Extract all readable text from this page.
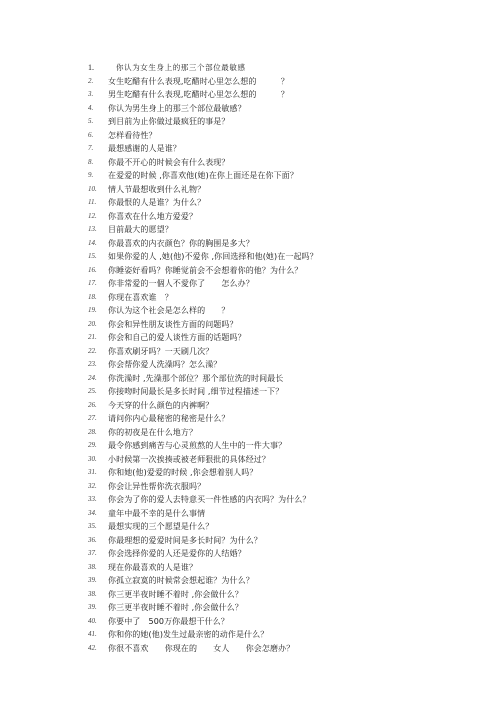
1.	你认为女生身上的那三个部位最敏感
2.	女生吃醋有什么表现,吃醋时心里怎么想的　　　？
3.	男生吃醋有什么表现,吃醋时心里怎么想的　　　？
4.	你认为男生身上的那三个部位最敏感？
5.	到目前为止你做过最疯狂的事是？
6.	怎样看待性？
7.	最想感谢的人是谁？
8.	你最不开心的时候会有什么表现？
9.	在爱爱的时候 ,你喜欢他(她)在你上面还是在你下面？
10.	情人节最想收到什么礼物？
11.	你最恨的人是谁？为什么？
12.	你喜欢在什么地方爱爱？
13.	目前最大的愿望？
14.	你最喜欢的内衣颜色？你的胸围是多大？
15.	如果你爱的人 ,她(他)不爱你 ,你回选择和他(她)在一起吗？
16.	你睡姿好看吗？你睡觉前会不会想着你的他？为什么？
17.	你非常爱的一個人不愛你了　　怎么办？
18.	你现在喜欢谁　？
19.	你认为这个社会是怎么样的　　？
20.	你会和异性朋友谈性方面的问题吗？
21.	你会和自己的爱人谈性方面的话题吗？
22.	你喜欢刷牙吗？一天刷几次？
23.	你会帮你爱人洗澡吗？怎么澡？
24.	你洗澡时 ,先澡那个部位？那个部位洗的时间最长
25.	你接吻时间最长是多长时间 ,细节过程描述一下？
26.	今天穿的什么颜色的内裤啊？
27.	请问你内心最秘密的秘密是什么？
28.	你的初夜是在什么地方？
29.	最令你感到痛苦与心灵煎熬的人生中的一件大事？
30.	小时候第一次挨揍或被老师狠批的具体经过？
31.	你和她(他)爱爱的时候 ,你会想着别人吗？
32.	你会让异性帮你洗衣服吗？
33.	你会为了你的爱人去特意买一件性感的内衣吗？为什么？
34.	童年中最不幸的是什么事情
35.	最想实现的三个愿望是什么？
36.	你最理想的爱爱时间是多长时间？为什么？
37.	你会选择你爱的人还是爱你的人结婚？
38.	现在你最喜欢的人是谁？
39.	你孤立寂寞的时候常会想起谁？为什么？
38.	你三更半夜时睡不着时 ,你会做什么？
39.	你三更半夜时睡不着时 ,你会做什么？
40.	你要中了　500万你最想干什么？
41.	你和你的她(他)发生过最亲密的动作是什么？
42.	你很不喜欢　　你现在的　　女人　　你会怎磨办？
